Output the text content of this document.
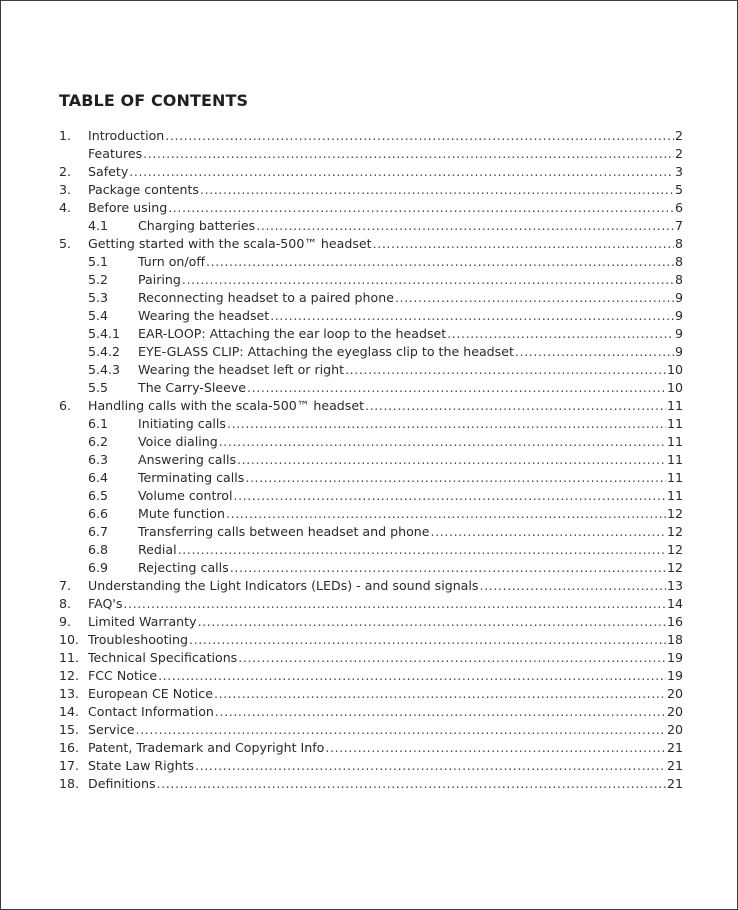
TABLE OF CONTENTS
1.	Introduction .....	2
Features .....	2
2.	Safety .....	3
3.	Package contents .....	5
4.	Before using .....	6
4.1	Charging batteries .....	7
5.	Getting started with the scala-500™ headset .....	8
5.1	Turn on/off .....	8
5.2	Pairing .....	8
5.3	Reconnecting headset to a paired phone .....	9
5.4	Wearing the headset .....	9
5.4.1	EAR-LOOP: Attaching the ear loop to the headset .....	9
5.4.2	EYE-GLASS CLIP: Attaching the eyeglass clip to the headset .....	9
5.4.3	Wearing the headset left or right .....	10
5.5	The Carry-Sleeve .....	10
6.	Handling calls with the scala-500™ headset .....	11
6.1	Initiating calls .....	11
6.2	Voice dialing .....	11
6.3	Answering calls .....	11
6.4	Terminating calls .....	11
6.5	Volume control .....	11
6.6	Mute function .....	12
6.7	Transferring calls between headset and phone .....	12
6.8	Redial .....	12
6.9	Rejecting calls .....	12
7.	Understanding the Light Indicators (LEDs) - and sound signals .....	13
8.	FAQ's .....	14
9.	Limited Warranty .....	16
10. Troubleshooting .....	18
11. Technical Specifications .....	19
12. FCC Notice .....	19
13. European CE Notice .....	20
14. Contact Information .....	20
15. Service .....	20
16. Patent, Trademark and Copyright Info .....	21
17. State Law Rights .....	21
18. Definitions .....	21
